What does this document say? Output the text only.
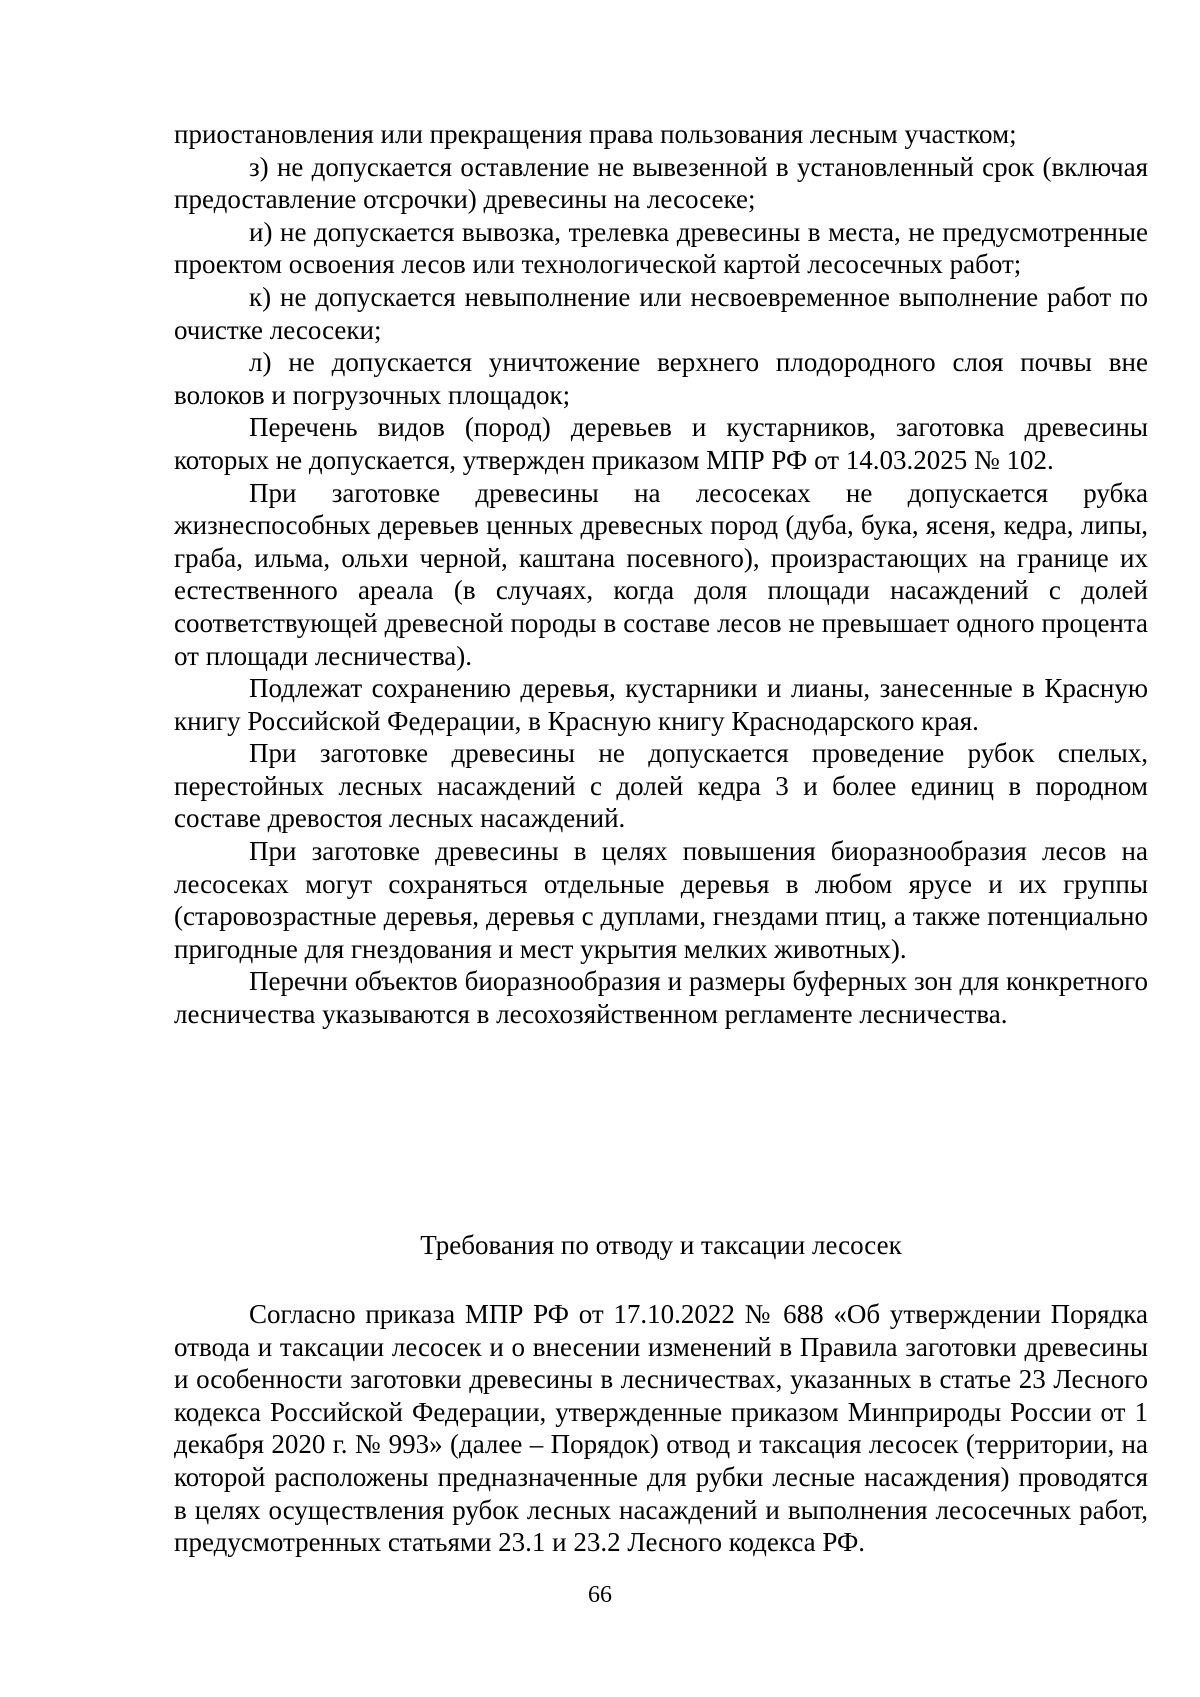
приостановления или прекращения права пользования лесным участком;

з) не допускается оставление не вывезенной в установленный срок (включая предоставление отсрочки) древесины на лесосеке;

и) не допускается вывозка, трелевка древесины в места, не предусмотренные проектом освоения лесов или технологической картой лесосечных работ;

к) не допускается невыполнение или несвоевременное выполнение работ по очистке лесосеки;

л) не допускается уничтожение верхнего плодородного слоя почвы вне волоков и погрузочных площадок;

Перечень видов (пород) деревьев и кустарников, заготовка древесины которых не допускается, утвержден приказом МПР РФ от 14.03.2025 № 102.

При заготовке древесины на лесосеках не допускается рубка жизнеспособных деревьев ценных древесных пород (дуба, бука, ясеня, кедра, липы, граба, ильма, ольхи черной, каштана посевного), произрастающих на границе их естественного ареала (в случаях, когда доля площади насаждений с долей соответствующей древесной породы в составе лесов не превышает одного процента от площади лесничества).

Подлежат сохранению деревья, кустарники и лианы, занесенные в Красную книгу Российской Федерации, в Красную книгу Краснодарского края.

При заготовке древесины не допускается проведение рубок спелых, перестойных лесных насаждений с долей кедра 3 и более единиц в породном составе древостоя лесных насаждений.

При заготовке древесины в целях повышения биоразнообразия лесов на лесосеках могут сохраняться отдельные деревья в любом ярусе и их группы (старовозрастные деревья, деревья с дуплами, гнездами птиц, а также потенциально пригодные для гнездования и мест укрытия мелких животных).

Перечни объектов биоразнообразия и размеры буферных зон для конкретного лесничества указываются в лесохозяйственном регламенте лесничества.

Требования по отводу и таксации лесосек

Согласно приказа МПР РФ от 17.10.2022 № 688 «Об утверждении Порядка отвода и таксации лесосек и о внесении изменений в Правила заготовки древесины и особенности заготовки древесины в лесничествах, указанных в статье 23 Лесного кодекса Российской Федерации, утвержденные приказом Минприроды России от 1 декабря 2020 г. № 993» (далее – Порядок) отвод и таксация лесосек (территории, на которой расположены предназначенные для рубки лесные насаждения) проводятся в целях осуществления рубок лесных насаждений и выполнения лесосечных работ, предусмотренных статьями 23.1 и 23.2 Лесного кодекса РФ.

66
